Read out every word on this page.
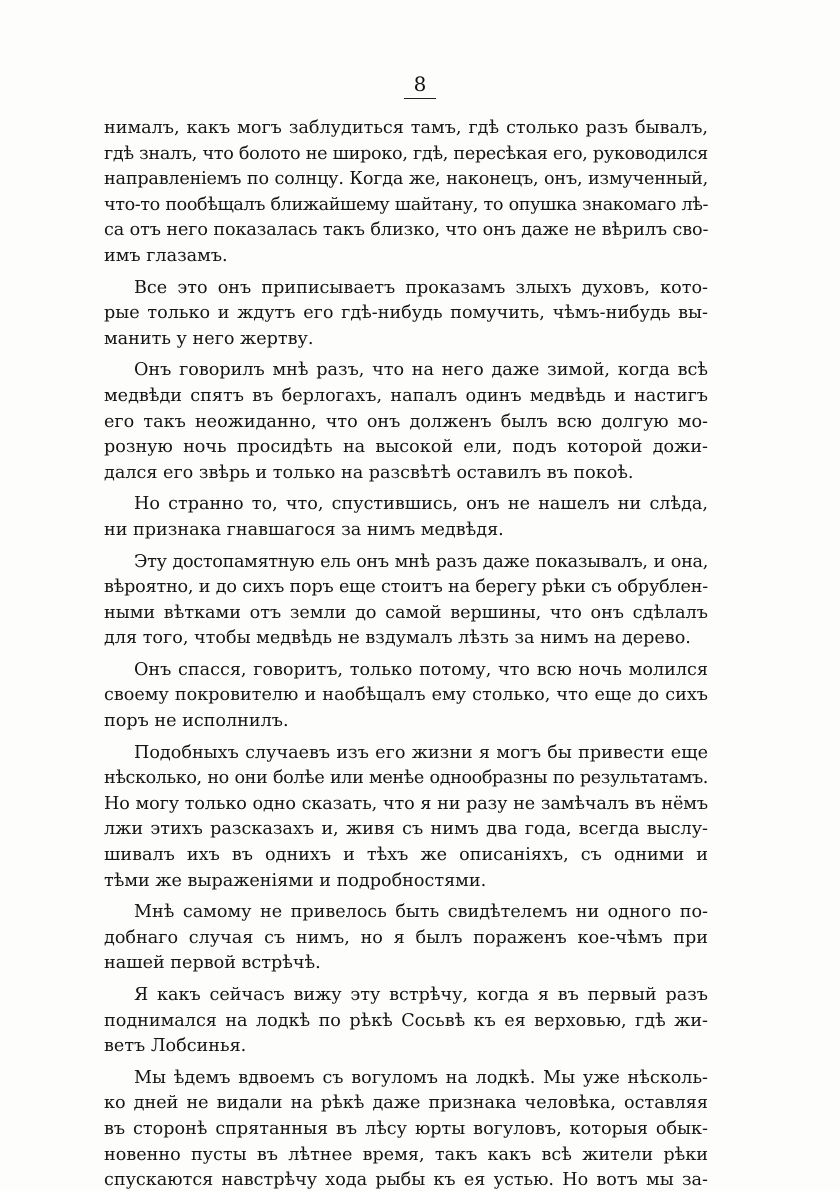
8
нималъ, какъ могъ заблудиться тамъ, гдѣ столько разъ бывалъ,
гдѣ зналъ, что болото не широко, гдѣ, пересѣкая его, руководился
направленіемъ по солнцу. Когда же, наконецъ, онъ, измученный,
что-то пообѣщалъ ближайшему шайтану, то опушка знакомаго лѣ-
са отъ него показалась такъ близко, что онъ даже не вѣрилъ сво-
имъ глазамъ.
Все это онъ приписываетъ проказамъ злыхъ духовъ, кото-
рые только и ждутъ его гдѣ-нибудь помучить, чѣмъ-нибудь вы-
манить у него жертву.
Онъ говорилъ мнѣ разъ, что на него даже зимой, когда всѣ
медвѣди спятъ въ берлогахъ, напалъ одинъ медвѣдь и настигъ
его такъ неожиданно, что онъ долженъ былъ всю долгую мо-
розную ночь просидѣть на высокой ели, подъ которой дожи-
дался его звѣрь и только на разсвѣтѣ оставилъ въ покоѣ.
Но странно то, что, спустившись, онъ не нашелъ ни слѣда,
ни признака гнавшагося за нимъ медвѣдя.
Эту достопамятную ель онъ мнѣ разъ даже показывалъ, и она,
вѣроятно, и до сихъ поръ еще стоитъ на берегу рѣки съ обрублен-
ными вѣтками отъ земли до самой вершины, что онъ сдѣлалъ
для того, чтобы медвѣдь не вздумалъ лѣзть за нимъ на дерево.
Онъ спасся, говоритъ, только потому, что всю ночь молился
своему покровителю и наобѣщалъ ему столько, что еще до сихъ
поръ не исполнилъ.
Подобныхъ случаевъ изъ его жизни я могъ бы привести еще
нѣсколько, но они болѣе или менѣе однообразны по результатамъ.
Но могу только одно сказать, что я ни разу не замѣчалъ въ нёмъ
лжи этихъ разсказахъ и, живя съ нимъ два года, всегда выслу-
шивалъ ихъ въ однихъ и тѣхъ же описаніяхъ, съ одними и
тѣми же выраженіями и подробностями.
Мнѣ самому не привелось быть свидѣтелемъ ни одного по-
добнаго случая съ нимъ, но я былъ пораженъ кое-чѣмъ при
нашей первой встрѣчѣ.
Я какъ сейчасъ вижу эту встрѣчу, когда я въ первый разъ
поднимался на лодкѣ по рѣкѣ Сосьвѣ къ ея верховью, гдѣ жи-
ветъ Лобсинья.
Мы ѣдемъ вдвоемъ съ вогуломъ на лодкѣ. Мы уже нѣсколь-
ко дней не видали на рѣкѣ даже признака человѣка, оставляя
въ сторонѣ спрятанныя въ лѣсу юрты вогуловъ, которыя обык-
новенно пусты въ лѣтнее время, такъ какъ всѣ жители рѣки
спускаются навстрѣчу хода рыбы къ ея устью. Но вотъ мы за-
